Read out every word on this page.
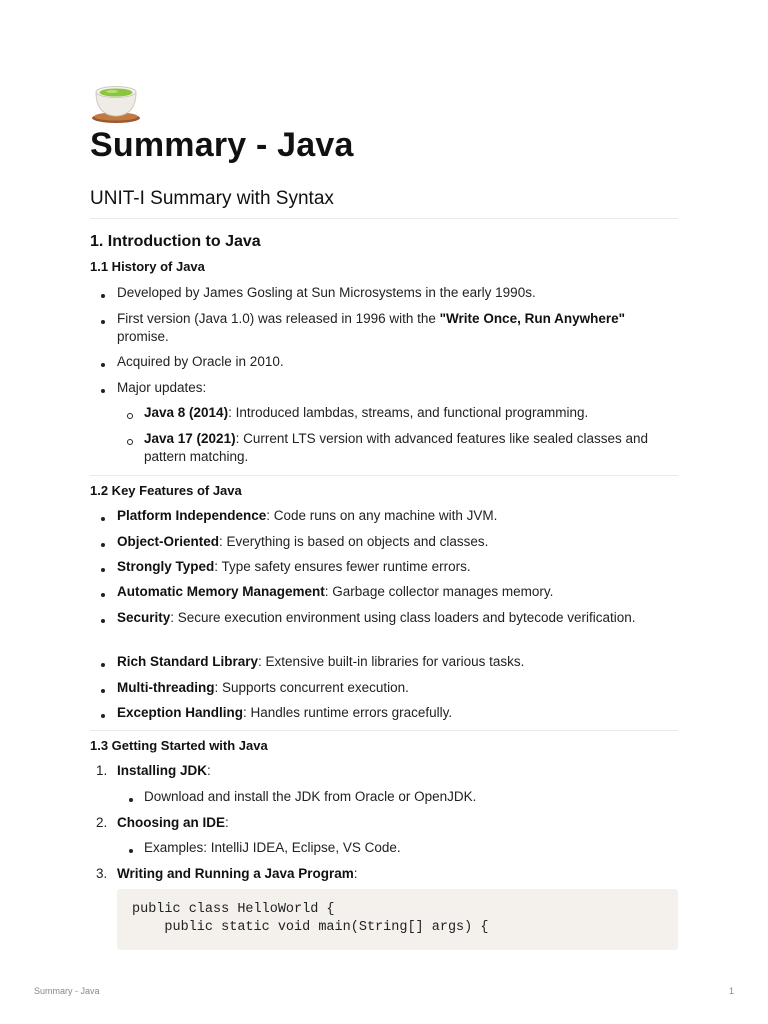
Summary - Java
UNIT-I Summary with Syntax
1. Introduction to Java
1.1 History of Java
Developed by James Gosling at Sun Microsystems in the early 1990s.
First version (Java 1.0) was released in 1996 with the "Write Once, Run Anywhere" promise.
Acquired by Oracle in 2010.
Major updates:
Java 8 (2014): Introduced lambdas, streams, and functional programming.
Java 17 (2021): Current LTS version with advanced features like sealed classes and pattern matching.
1.2 Key Features of Java
Platform Independence: Code runs on any machine with JVM.
Object-Oriented: Everything is based on objects and classes.
Strongly Typed: Type safety ensures fewer runtime errors.
Automatic Memory Management: Garbage collector manages memory.
Security: Secure execution environment using class loaders and bytecode verification.
Rich Standard Library: Extensive built-in libraries for various tasks.
Multi-threading: Supports concurrent execution.
Exception Handling: Handles runtime errors gracefully.
1.3 Getting Started with Java
1. Installing JDK:
Download and install the JDK from Oracle or OpenJDK.
2. Choosing an IDE:
Examples: IntelliJ IDEA, Eclipse, VS Code.
3. Writing and Running a Java Program:
public class HelloWorld {
public static void main(String[] args) {
Summary - Java	1
